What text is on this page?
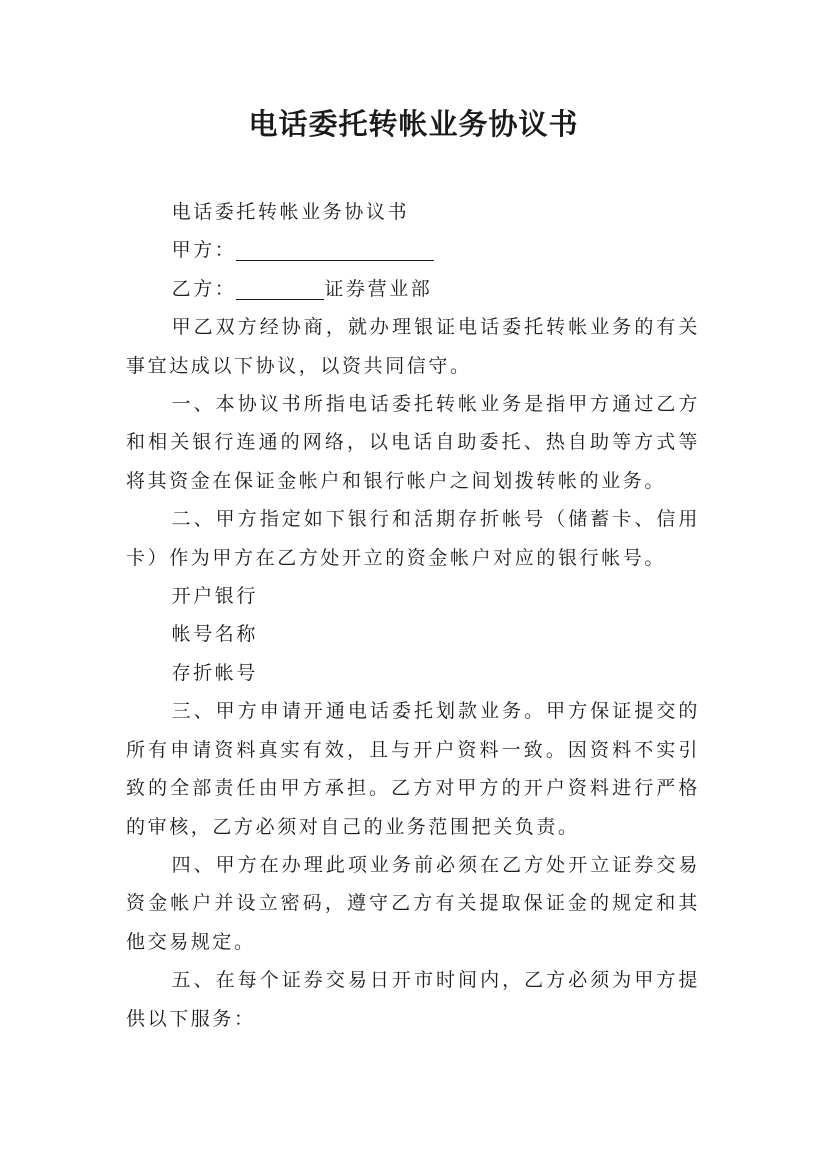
电话委托转帐业务协议书

电话委托转帐业务协议书

甲方：

乙方：	证券营业部

甲乙双方经协商，就办理银证电话委托转帐业务的有关事宜达成以下协议，以资共同信守。

一、本协议书所指电话委托转帐业务是指甲方通过乙方和相关银行连通的网络，以电话自助委托、热自助等方式等将其资金在保证金帐户和银行帐户之间划拨转帐的业务。

二、甲方指定如下银行和活期存折帐号（储蓄卡、信用卡）作为甲方在乙方处开立的资金帐户对应的银行帐号。

开户银行

帐号名称

存折帐号

三、甲方申请开通电话委托划款业务。甲方保证提交的所有申请资料真实有效，且与开户资料一致。因资料不实引致的全部责任由甲方承担。乙方对甲方的开户资料进行严格的审核，乙方必须对自己的业务范围把关负责。

四、甲方在办理此项业务前必须在乙方处开立证券交易资金帐户并设立密码，遵守乙方有关提取保证金的规定和其他交易规定。

五、在每个证券交易日开市时间内，乙方必须为甲方提供以下服务：
